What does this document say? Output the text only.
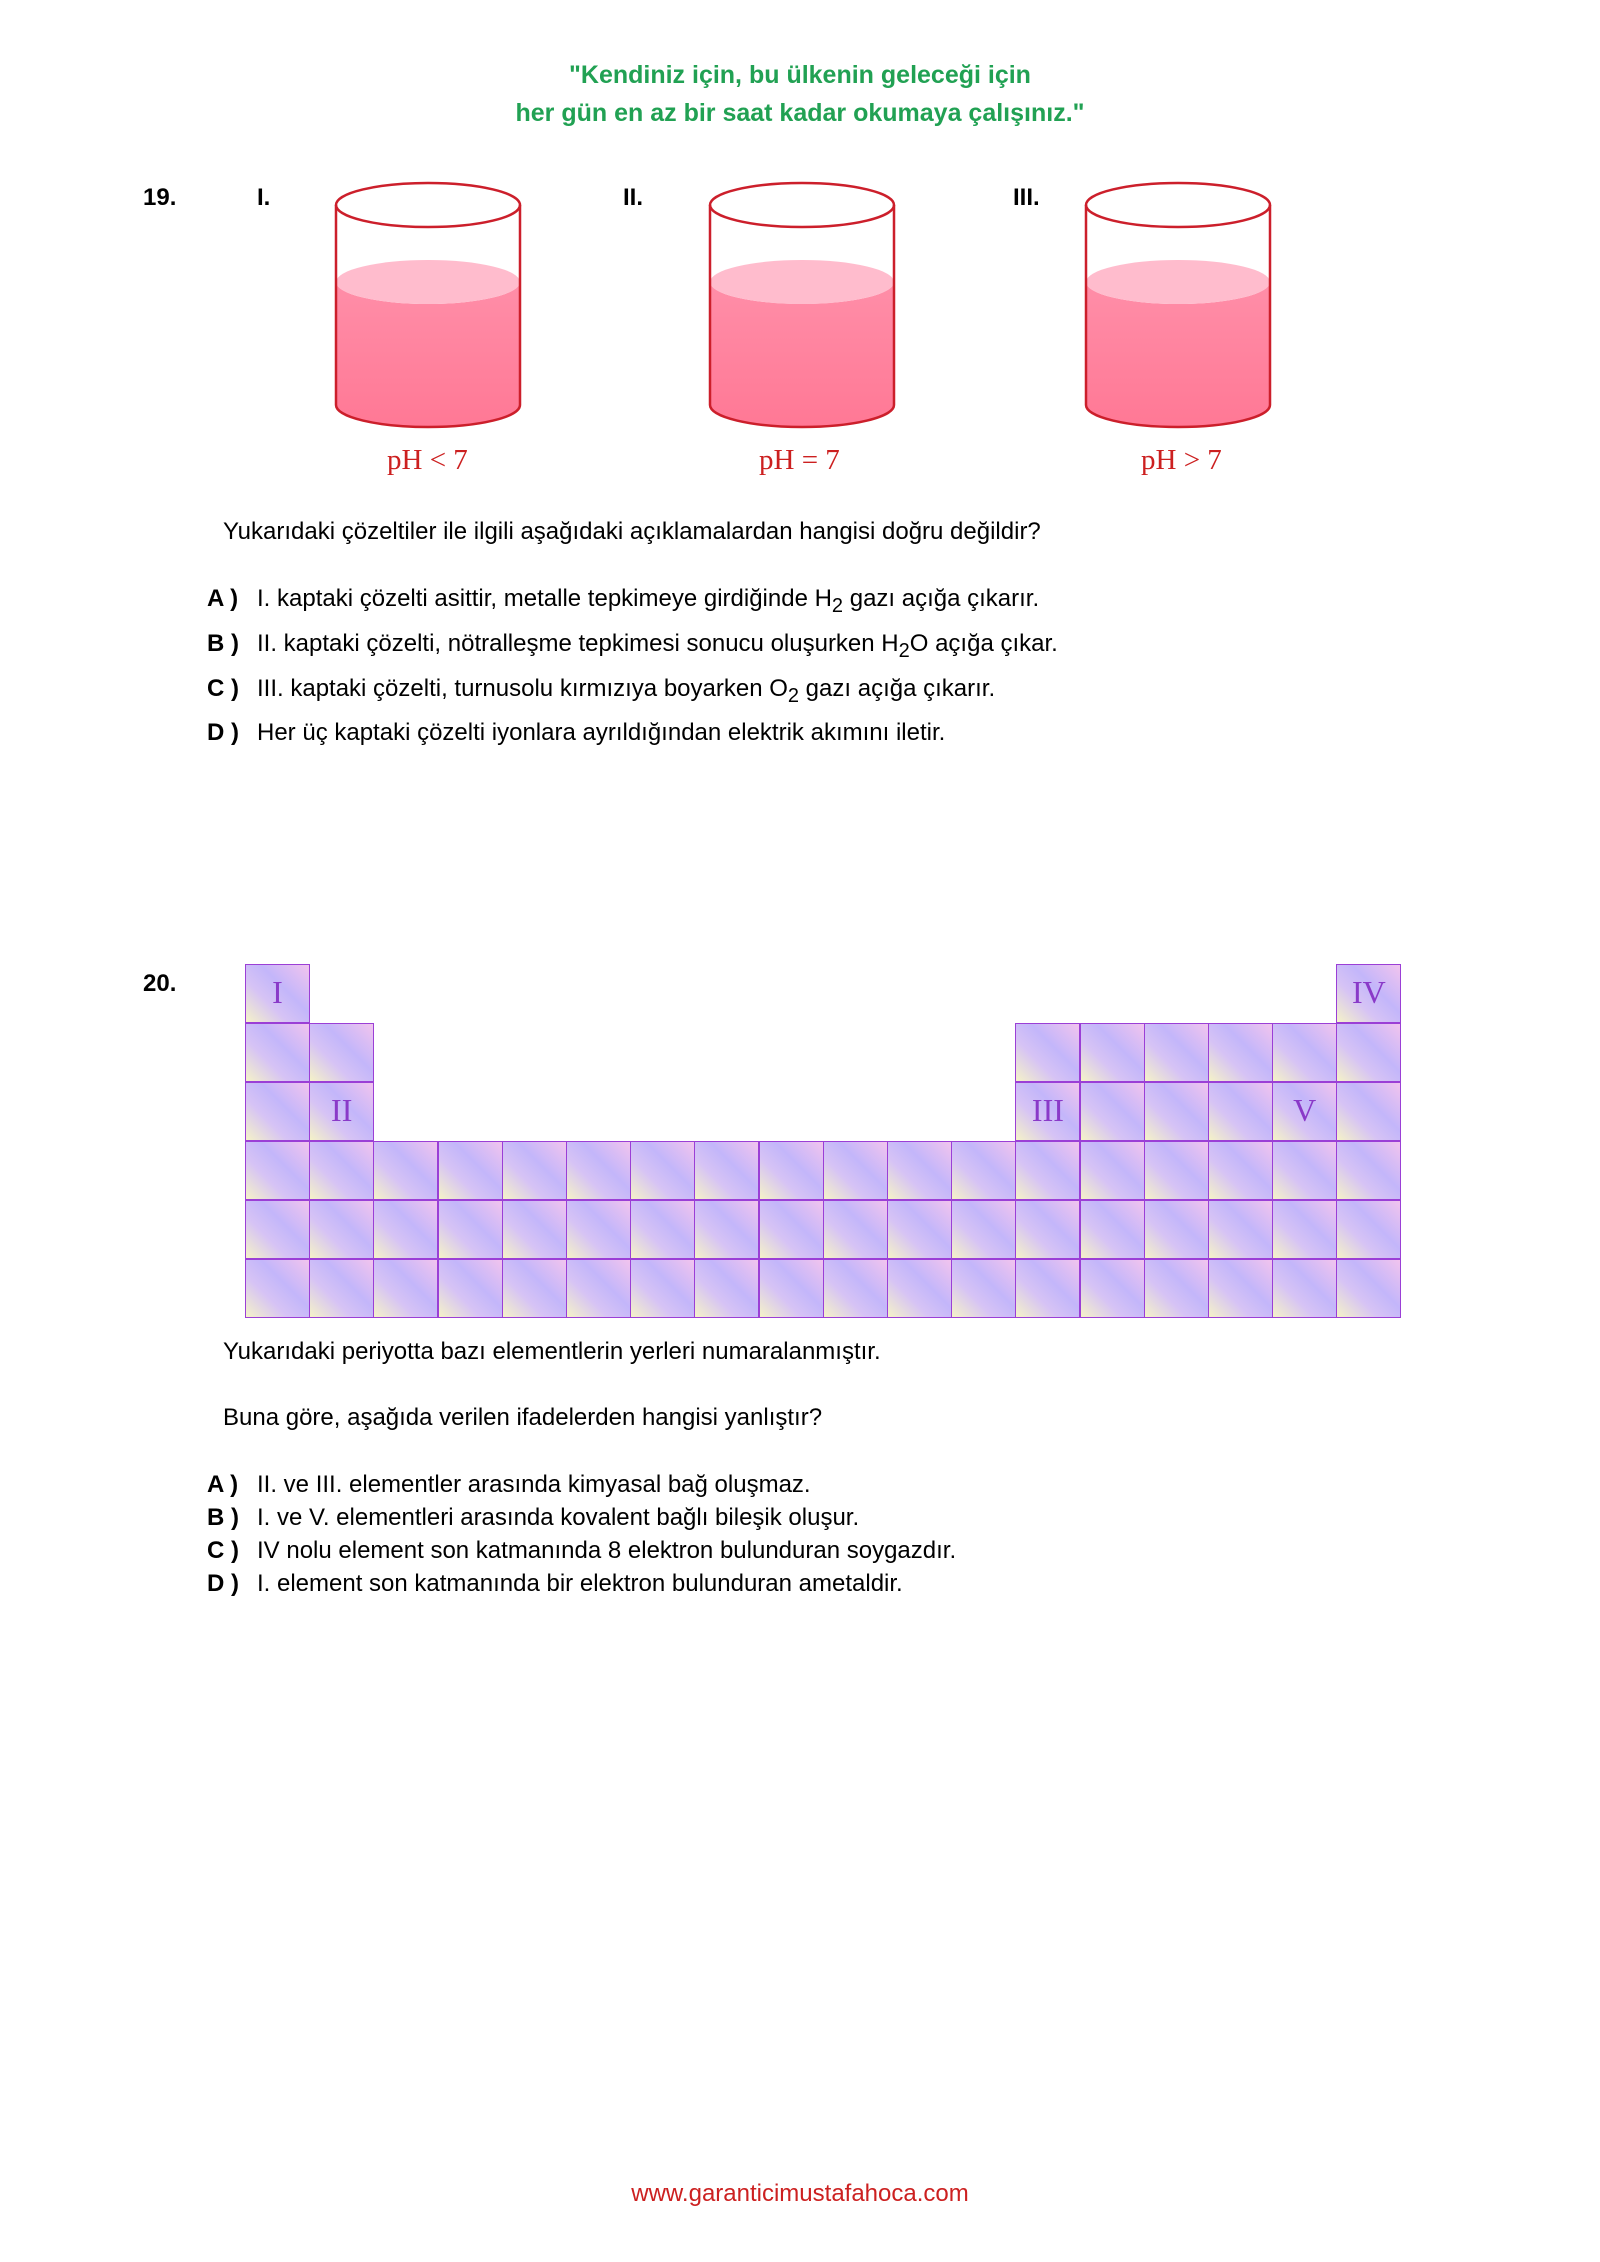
"Kendiniz için, bu ülkenin geleceği için
her gün en az bir saat kadar okumaya çalışınız."
19.	I.	II.	III.
pH < 7	pH = 7	pH > 7
Yukarıdaki çözeltiler ile ilgili aşağıdaki açıklamalardan hangisi doğru değildir?
A ) I. kaptaki çözelti asittir, metalle tepkimeye girdiğinde $H_2$ gazı açığa çıkarır.
B ) II. kaptaki çözelti, nötralleşme tepkimesi sonucu oluşurken $H_2O$ açığa çıkar.
C ) III. kaptaki çözelti, turnusolu kırmızıya boyarken $O_2$ gazı açığa çıkarır.
D ) Her üç kaptaki çözelti iyonlara ayrıldığından elektrik akımını iletir.
20.	I	IV
II	III	V
Yukarıdaki periyotta bazı elementlerin yerleri numaralanmıştır.
Buna göre, aşağıda verilen ifadelerden hangisi yanlıştır?
A ) II. ve III. elementler arasında kimyasal bağ oluşmaz.
B ) I. ve V. elementleri arasında kovalent bağlı bileşik oluşur.
C ) IV nolu element son katmanında 8 elektron bulunduran soygazdır.
D ) I. element son katmanında bir elektron bulunduran ametaldir.
www.garanticimustafahoca.com
